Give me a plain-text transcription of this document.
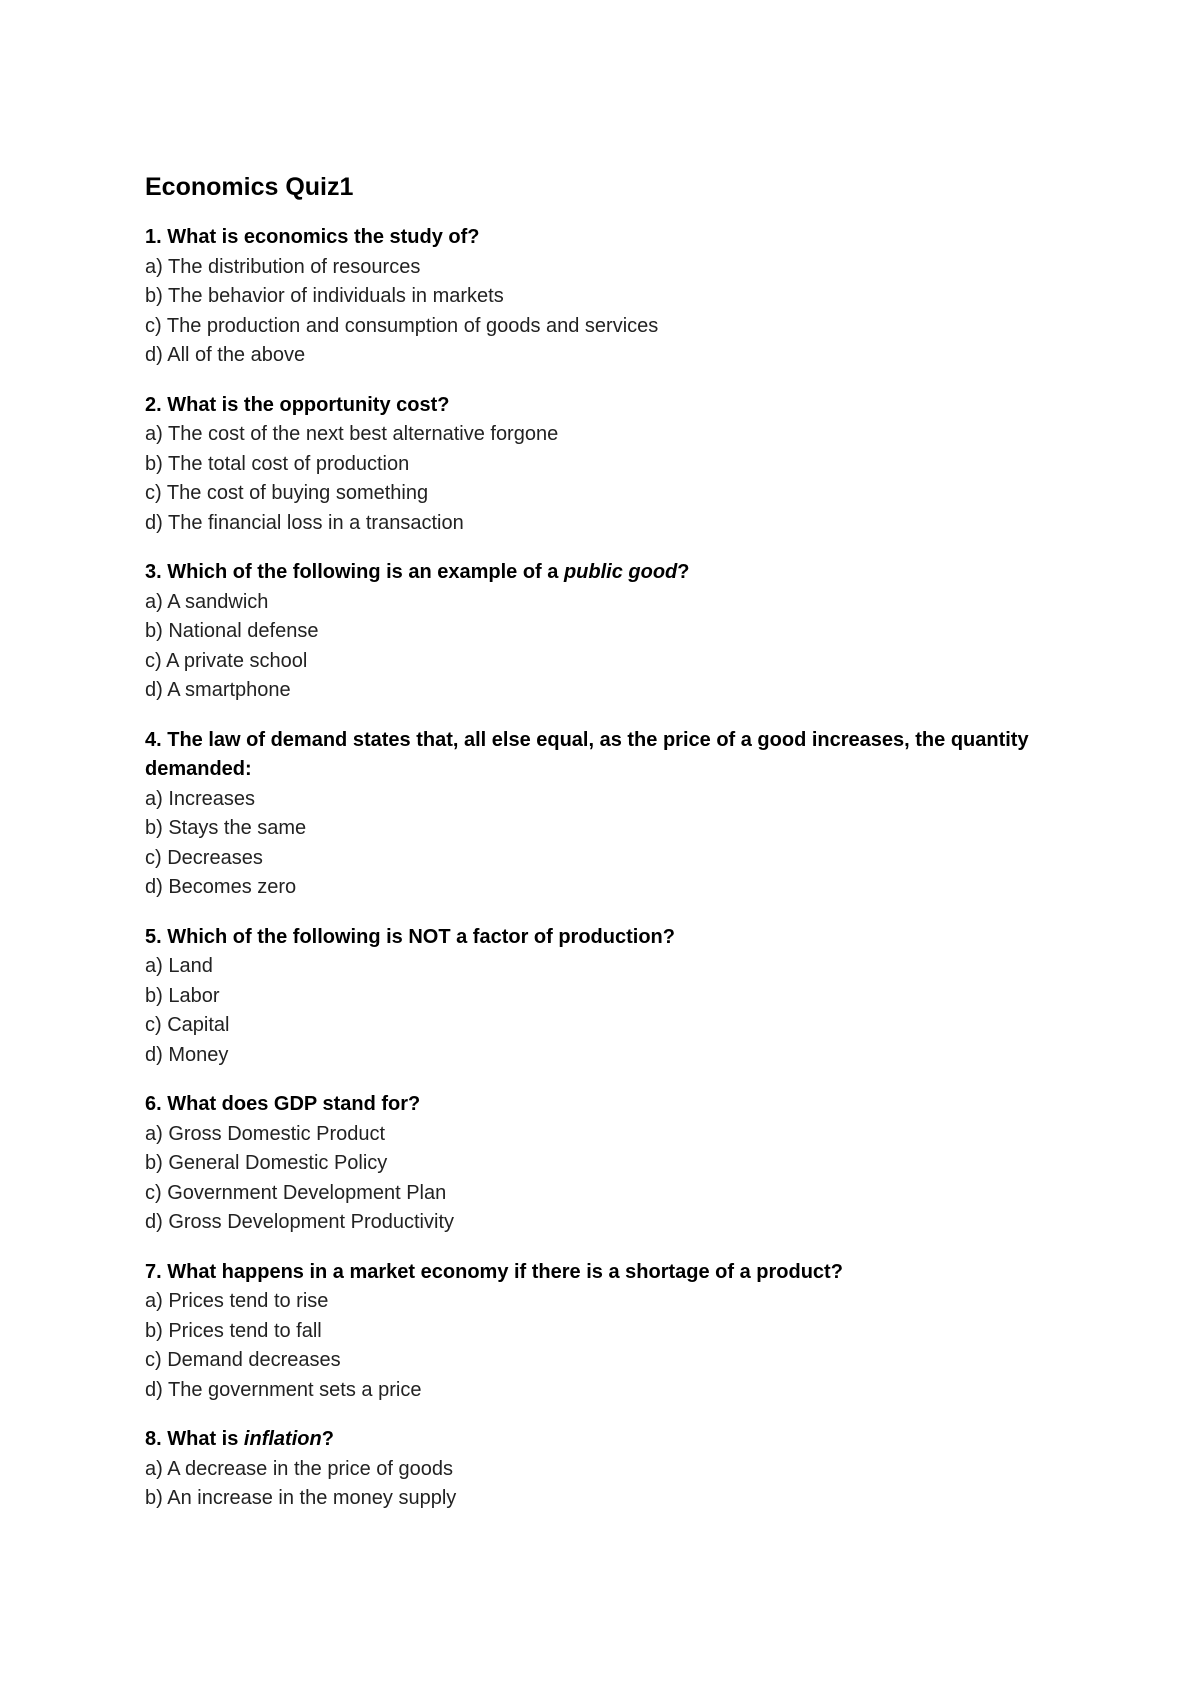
Economics Quiz1
1. What is economics the study of?
a) The distribution of resources
b) The behavior of individuals in markets
c) The production and consumption of goods and services
d) All of the above
2. What is the opportunity cost?
a) The cost of the next best alternative forgone
b) The total cost of production
c) The cost of buying something
d) The financial loss in a transaction
3. Which of the following is an example of a public good?
a) A sandwich
b) National defense
c) A private school
d) A smartphone
4. The law of demand states that, all else equal, as the price of a good increases, the quantity demanded:
a) Increases
b) Stays the same
c) Decreases
d) Becomes zero
5. Which of the following is NOT a factor of production?
a) Land
b) Labor
c) Capital
d) Money
6. What does GDP stand for?
a) Gross Domestic Product
b) General Domestic Policy
c) Government Development Plan
d) Gross Development Productivity
7. What happens in a market economy if there is a shortage of a product?
a) Prices tend to rise
b) Prices tend to fall
c) Demand decreases
d) The government sets a price
8. What is inflation?
a) A decrease in the price of goods
b) An increase in the money supply
